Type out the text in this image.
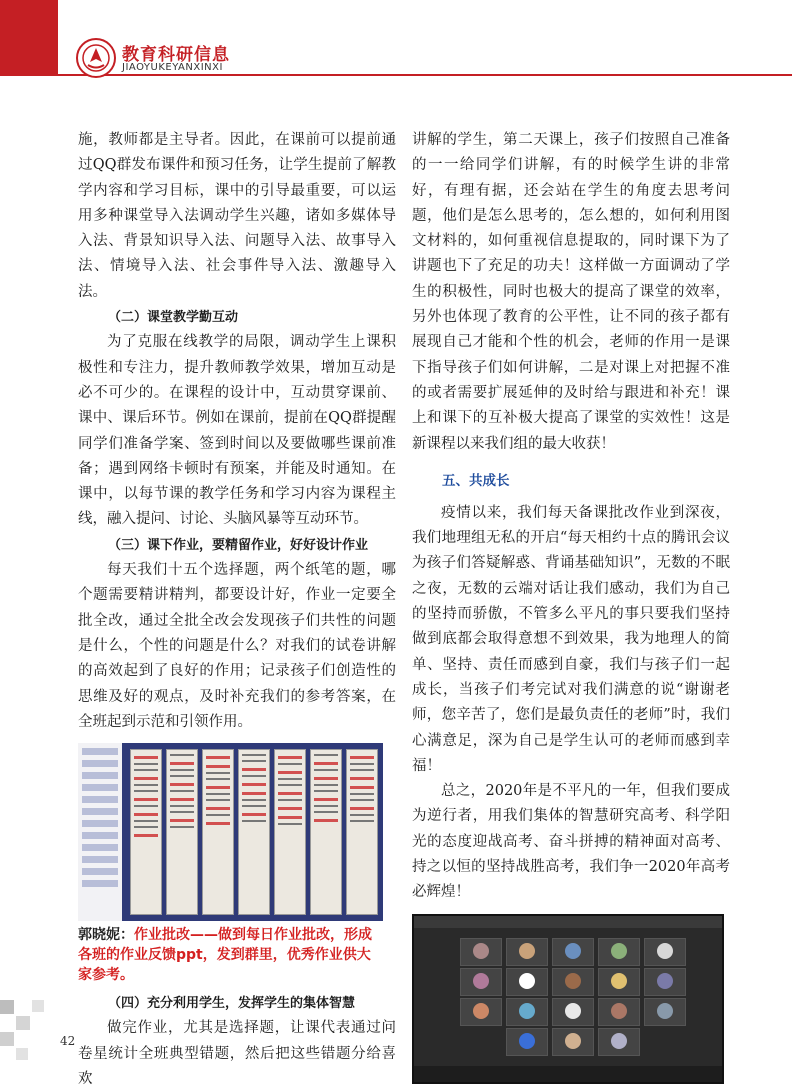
教育科研信息
JIAOYUKEYANXINXI

施，教师都是主导者。因此，在课前可以提前通过QQ群发布课件和预习任务，让学生提前了解教学内容和学习目标，课中的引导最重要，可以运用多种课堂导入法调动学生兴趣，诸如多媒体导入法、背景知识导入法、问题导入法、故事导入法、情境导入法、社会事件导入法、激趣导入法。

（二）课堂教学勤互动

为了克服在线教学的局限，调动学生上课积极性和专注力，提升教师教学效果，增加互动是必不可少的。在课程的设计中，互动贯穿课前、课中、课后环节。例如在课前，提前在QQ群提醒同学们准备学案、签到时间以及要做哪些课前准备；遇到网络卡顿时有预案，并能及时通知。在课中，以每节课的教学任务和学习内容为课程主线，融入提问、讨论、头脑风暴等互动环节。

（三）课下作业，要精留作业，好好设计作业

每天我们十五个选择题，两个纸笔的题，哪个题需要精讲精判，都要设计好，作业一定要全批全改，通过全批全改会发现孩子们共性的问题是什么，个性的问题是什么？对我们的试卷讲解的高效起到了良好的作用；记录孩子们创造性的思维及好的观点，及时补充我们的参考答案，在全班起到示范和引领作用。

郭晓妮：作业批改——做到每日作业批改，形成各班的作业反馈ppt，发到群里，优秀作业供大家参考。
（四）充分利用学生，发挥学生的集体智慧

做完作业，尤其是选择题，让课代表通过问卷星统计全班典型错题，然后把这些错题分给喜欢

讲解的学生，第二天课上，孩子们按照自己准备的一一给同学们讲解，有的时候学生讲的非常好，有理有据，还会站在学生的角度去思考问题，他们是怎么思考的，怎么想的，如何利用图文材料的，如何重视信息提取的，同时课下为了讲题也下了充足的功夫！这样做一方面调动了学生的积极性，同时也极大的提高了课堂的效率，另外也体现了教育的公平性，让不同的孩子都有展现自己才能和个性的机会，老师的作用一是课下指导孩子们如何讲解，二是对课上对把握不准的或者需要扩展延伸的及时给与跟进和补充！课上和课下的互补极大提高了课堂的实效性！这是新课程以来我们组的最大收获！

五、共成长

疫情以来，我们每天备课批改作业到深夜，我们地理组无私的开启“每天相约十点的腾讯会议为孩子们答疑解惑、背诵基础知识”，无数的不眠之夜，无数的云端对话让我们感动，我们为自己的坚持而骄傲，不管多么平凡的事只要我们坚持做到底都会取得意想不到效果，我为地理人的简单、坚持、责任而感到自豪，我们与孩子们一起成长，当孩子们考完试对我们满意的说“谢谢老师，您辛苦了，您们是最负责任的老师”时，我们心满意足，深为自己是学生认可的老师而感到幸福！

总之，2020年是不平凡的一年，但我们要成为逆行者，用我们集体的智慧研究高考、科学阳光的态度迎战高考、奋斗拼搏的精神面对高考、持之以恒的坚持战胜高考，我们争一2020年高考必辉煌！

42
